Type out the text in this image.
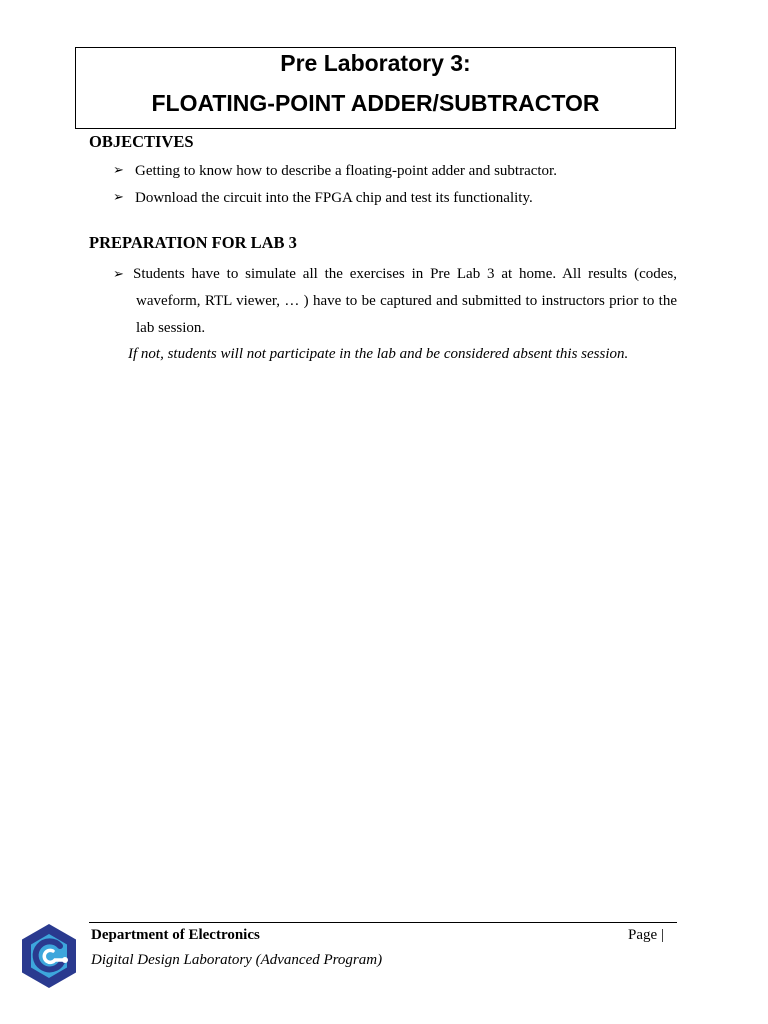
Pre Laboratory 3:
FLOATING-POINT ADDER/SUBTRACTOR
OBJECTIVES
➢ Getting to know how to describe a floating-point adder and subtractor.
➢ Download the circuit into the FPGA chip and test its functionality.
PREPARATION FOR LAB 3
➢ Students have to simulate all the exercises in Pre Lab 3 at home. All results (codes, waveform, RTL viewer, … ) have to be captured and submitted to instructors prior to the lab session.
If not, students will not participate in the lab and be considered absent this session.
Department of Electronics	Page |
Digital Design Laboratory (Advanced Program)
